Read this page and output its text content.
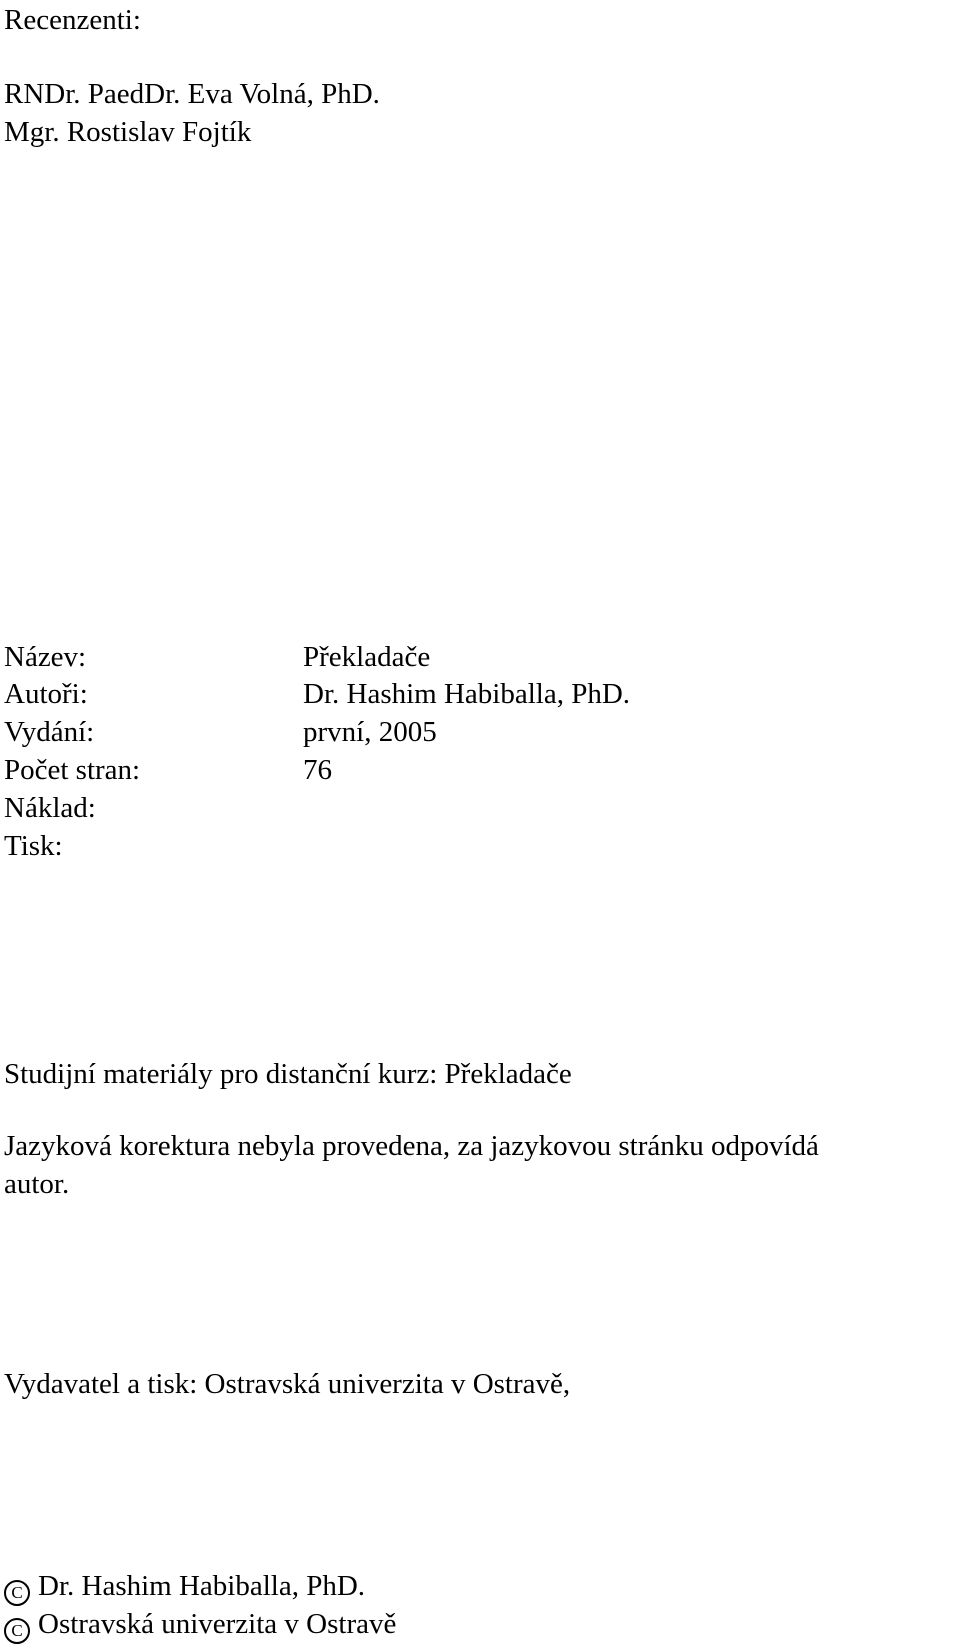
Recenzenti:
RNDr. PaedDr. Eva Volná, PhD.
Mgr. Rostislav Fojtík
Název:	Překladače
Autoři:	Dr. Hashim Habiballa, PhD.
Vydání:	první, 2005
Počet stran:	76
Náklad:
Tisk:
Studijní materiály pro distanční kurz: Překladače
Jazyková korektura nebyla provedena, za jazykovou stránku odpovídá
autor.
Vydavatel a tisk: Ostravská univerzita v Ostravě,
C Dr. Hashim Habiballa, PhD.
C Ostravská univerzita v Ostravě
